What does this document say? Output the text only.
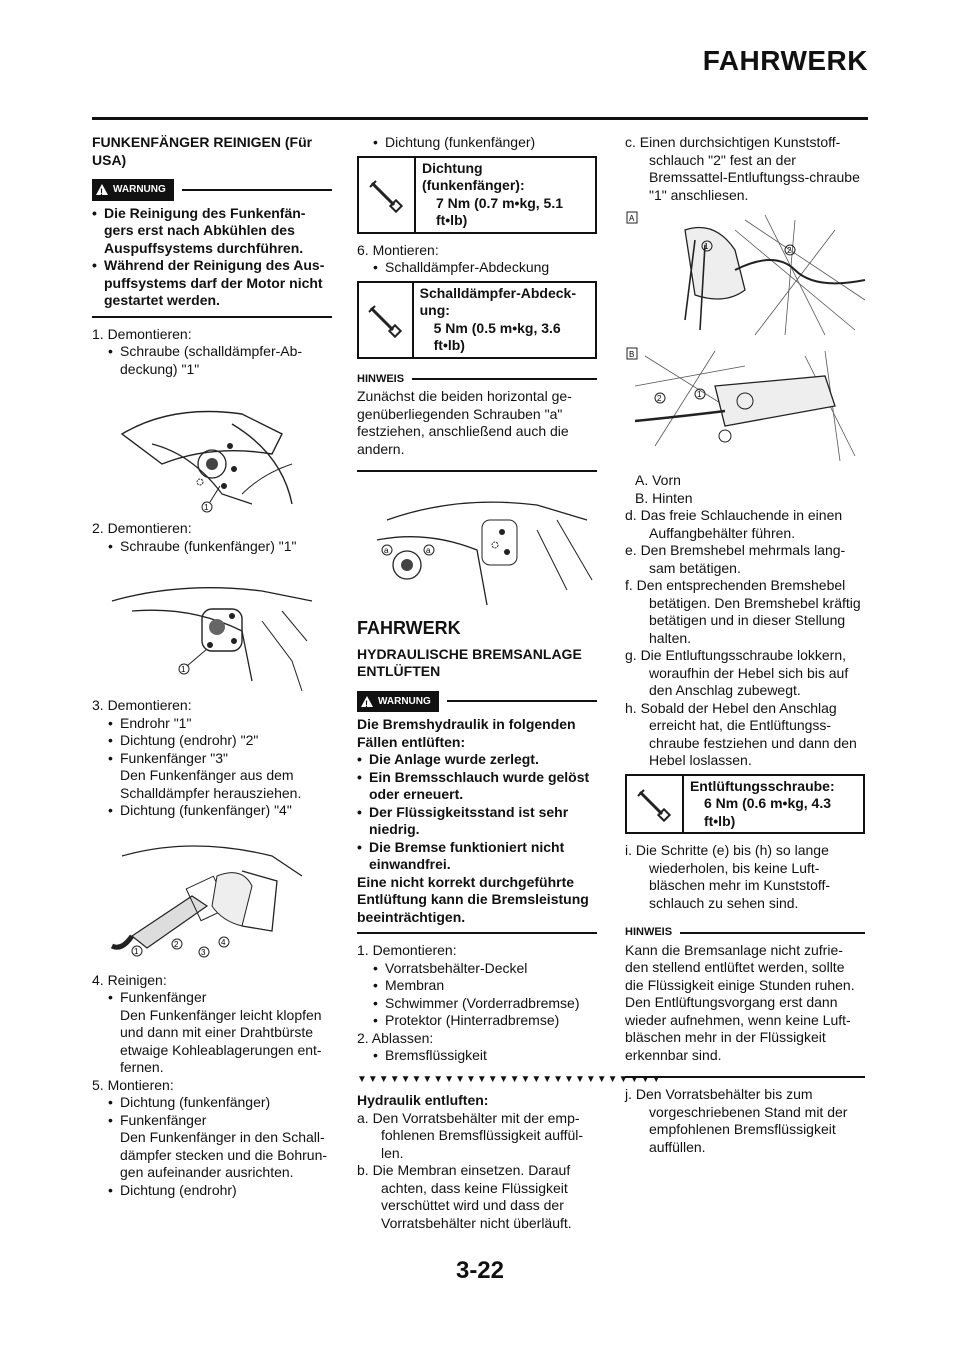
FAHRWERK
FUNKENFÄNGER REINIGEN (Für USA)
!
WARNUNG
• Die Reinigung des Funkenfän-gers erst nach Abkühlen des Auspuffsystems durchführen.
• Während der Reinigung des Aus-puffsystems darf der Motor nicht gestartet werden.
1. Demontieren:
• Schraube (schalldämpfer-Ab-deckung) "1"
1
2. Demontieren:
• Schraube (funkenfänger) "1"
1
3. Demontieren:
• Endrohr "1"
• Dichtung (endrohr) "2"
• Funkenfänger "3"
Den Funkenfänger aus dem Schalldämpfer herausziehen.
• Dichtung (funkenfänger) "4"
1
2
3
4
4. Reinigen:
• Funkenfänger
Den Funkenfänger leicht klopfen und dann mit einer Drahtbürste etwaige Kohleablagerungen ent-fernen.
5. Montieren:
• Dichtung (funkenfänger)
• Funkenfänger
Den Funkenfänger in den Schall-dämpfer stecken und die Bohrun-gen aufeinander ausrichten.
• Dichtung (endrohr)
• Dichtung (funkenfänger)
Dichtung (funkenfänger):
7 Nm (0.7 m•kg, 5.1 ft•lb)
6. Montieren:
• Schalldämpfer-Abdeckung
Schalldämpfer-Abdeck-ung:
5 Nm (0.5 m•kg, 3.6 ft•lb)
HINWEIS
Zunächst die beiden horizontal ge-genüberliegenden Schrauben "a" festziehen, anschließend auch die andern.
a	a
FAHRWERK
HYDRAULISCHE BREMSANLAGE ENTLÜFTEN
!
WARNUNG
Die Bremshydraulik in folgenden Fällen entlüften:
• Die Anlage wurde zerlegt.
• Ein Bremsschlauch wurde gelöst oder erneuert.
• Der Flüssigkeitsstand ist sehr niedrig.
• Die Bremse funktioniert nicht einwandfrei.
Eine nicht korrekt durchgeführte Entlüftung kann die Bremsleistung beeinträchtigen.
1. Demontieren:
• Vorratsbehälter-Deckel
• Membran
• Schwimmer (Vorderradbremse)
• Protektor (Hinterradbremse)
2. Ablassen:
• Bremsflüssigkeit
▼▼▼▼▼▼▼▼▼▼▼▼▼▼▼▼▼▼▼▼▼▼▼▼▼▼▼▼
Hydraulik entluften:
a. Den Vorratsbehälter mit der emp-fohlenen Bremsflüssigkeit auffül-len.
b. Die Membran einsetzen. Darauf achten, dass keine Flüssigkeit verschüttet wird und dass der Vorratsbehälter nicht überläuft.
c. Einen durchsichtigen Kunststoff-schlauch "2" fest an der Bremssattel-Entluftungss-chraube "1" anschliesen.
A
1	2
B
2	1
A. Vorn
B. Hinten
d. Das freie Schlauchende in einen Auffangbehälter führen.
e. Den Bremshebel mehrmals lang-sam betätigen.
f. Den entsprechenden Bremshebel betätigen. Den Bremshebel kräftig betätigen und in dieser Stellung halten.
g. Die Entluftungsschraube lokkern, woraufhin der Hebel sich bis auf den Anschlag zubewegt.
h. Sobald der Hebel den Anschlag erreicht hat, die Entlüftungss-chraube festziehen und dann den Hebel loslassen.
Entlüftungsschraube:
6 Nm (0.6 m•kg, 4.3 ft•lb)
i. Die Schritte (e) bis (h) so lange wiederholen, bis keine Luft-bläschen mehr im Kunststoff-schlauch zu sehen sind.
HINWEIS
Kann die Bremsanlage nicht zufrie-den stellend entlüftet werden, sollte die Flüssigkeit einige Stunden ruhen. Den Entlüftungsvorgang erst dann wieder aufnehmen, wenn keine Luft-bläschen mehr in der Flüssigkeit erkennbar sind.
j. Den Vorratsbehälter bis zum vorgeschriebenen Stand mit der empfohlenen Bremsflüssigkeit auffüllen.
3-22
